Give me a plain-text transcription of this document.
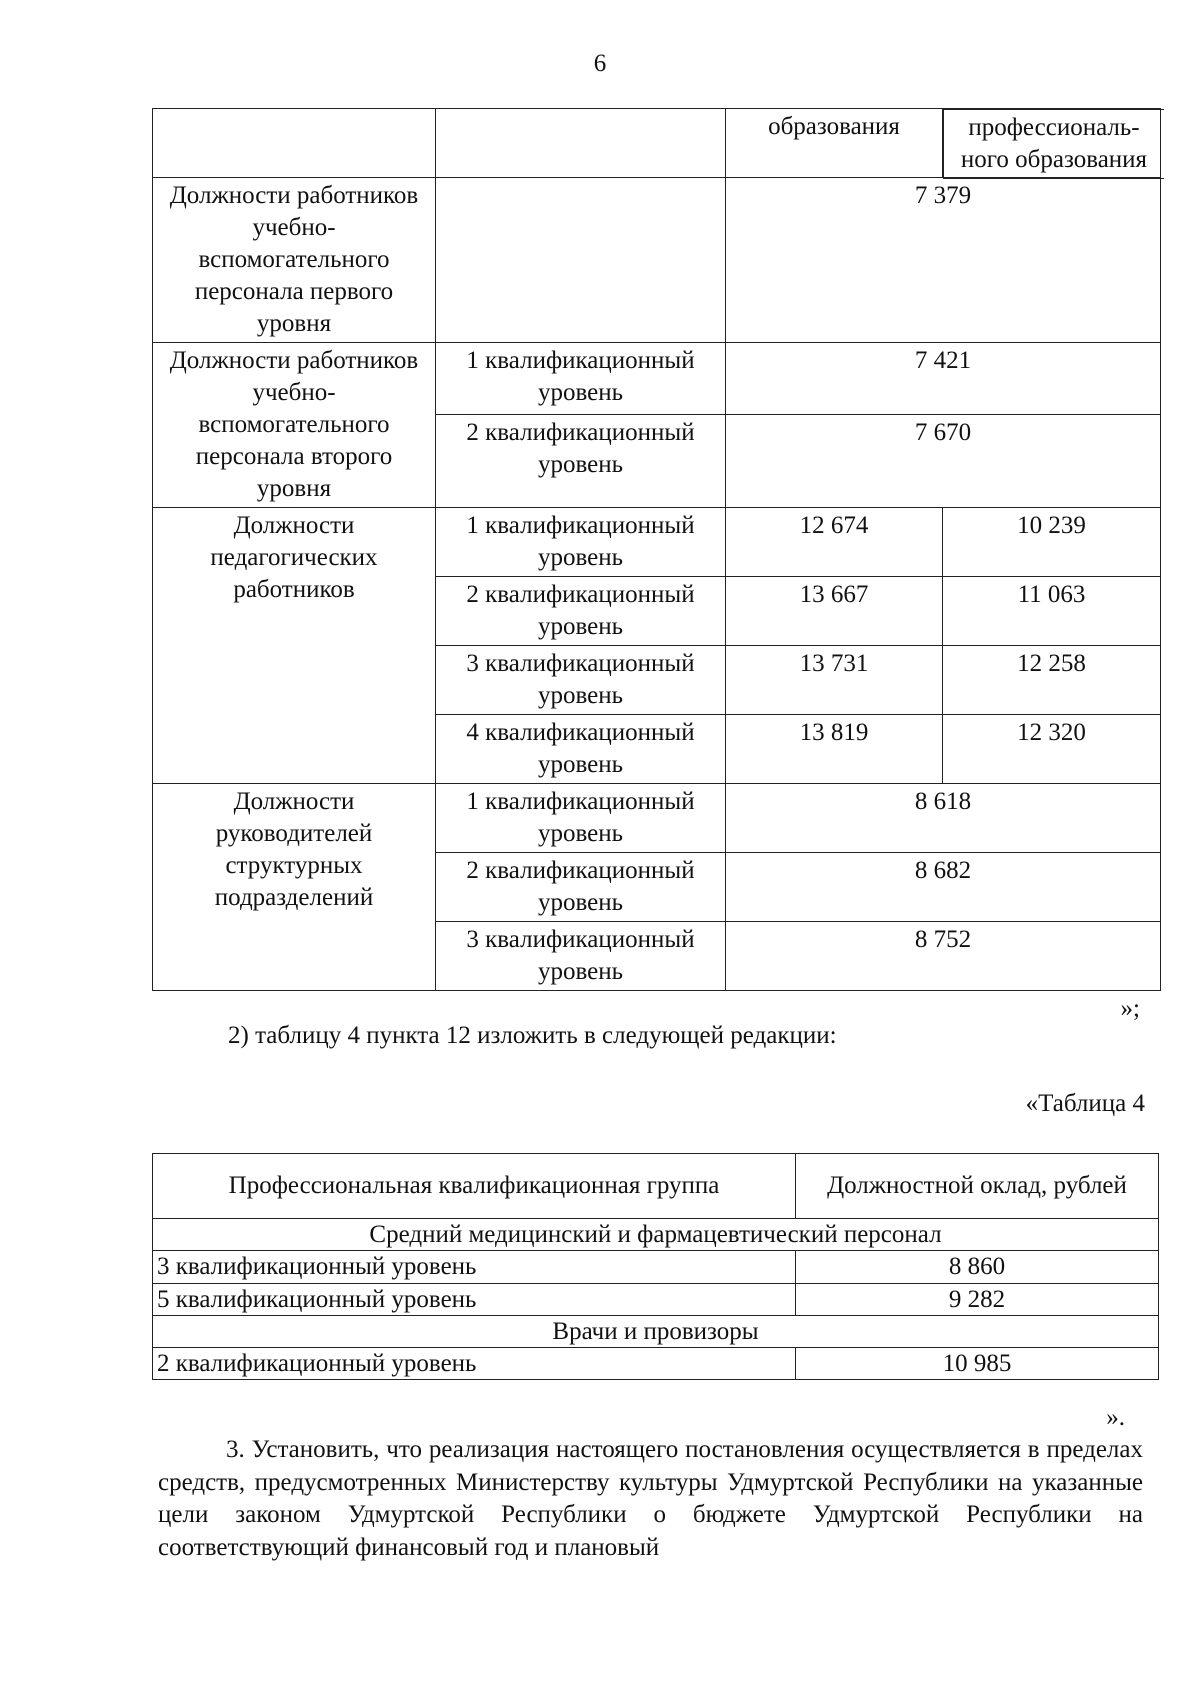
6
		образования	профессиональ-ного образования

Должности работников учебно-вспомогательного персонала первого уровня		7 379	
Должности работников учебно-вспомогательного персонала второго уровня	1 квалификационный уровень	7 421	
	2 квалификационный уровень	7 670	
Должности педагогических работников	1 квалификационный уровень	12 674	10 239
	2 квалификационный уровень	13 667	11 063
	3 квалификационный уровень	13 731	12 258
	4 квалификационный уровень	13 819	12 320
Должности руководителей структурных подразделений	1 квалификационный уровень	8 618	
	2 квалификационный уровень	8 682	
	3 квалификационный уровень	8 752	
»;
2) таблицу 4 пункта 12 изложить в следующей редакции:
«Таблица 4
Профессиональная квалификационная группа	Должностной оклад, рублей
Средний медицинский и фармацевтический персонал	
3 квалификационный уровень	8 860
5 квалификационный уровень	9 282
Врачи и провизоры	
2 квалификационный уровень	10 985
».
3. Установить, что реализация настоящего постановления осуществляется в пределах средств, предусмотренных Министерству культуры Удмуртской Республики на указанные цели законом Удмуртской Республики о бюджете Удмуртской Республики на соответствующий финансовый год и плановый
